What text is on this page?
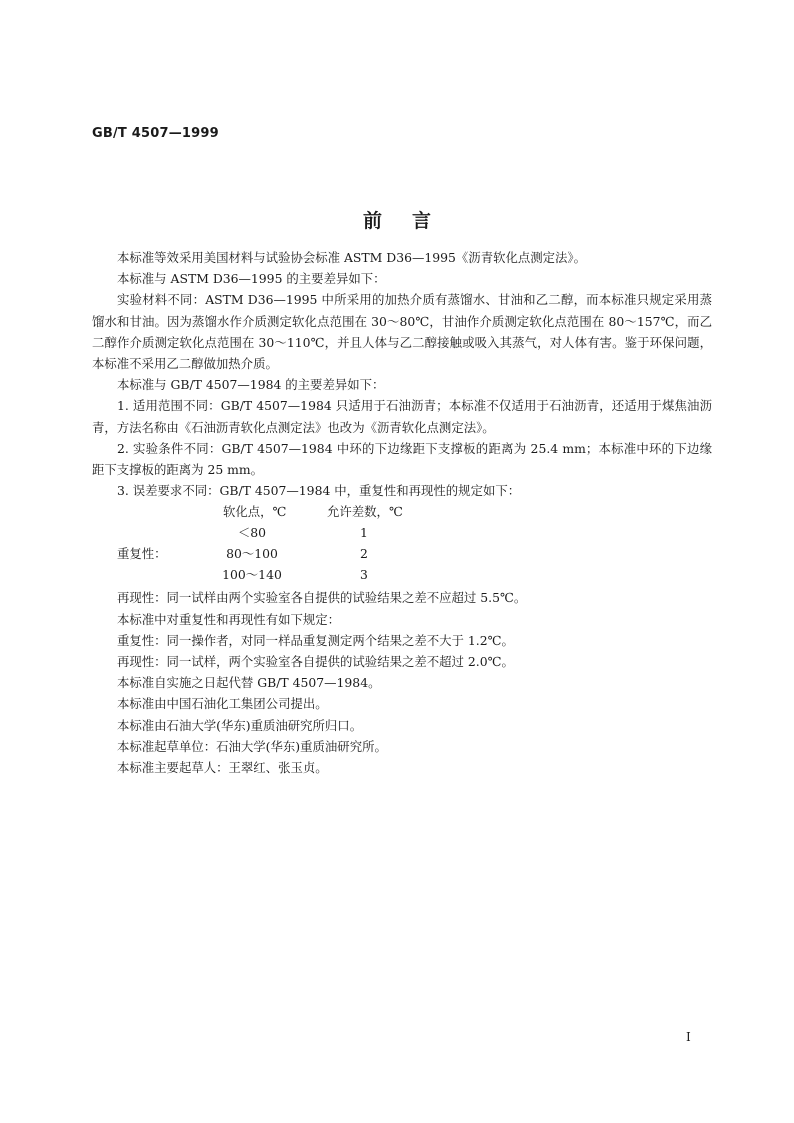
GB/T 4507—1999
前言

本标准等效采用美国材料与试验协会标准 ASTM D36—1995《沥青软化点测定法》。

本标准与 ASTM D36—1995 的主要差异如下：

实验材料不同：ASTM D36—1995 中所采用的加热介质有蒸馏水、甘油和乙二醇，而本标准只规定采用蒸馏水和甘油。因为蒸馏水作介质测定软化点范围在 30～80℃，甘油作介质测定软化点范围在 80～157℃，而乙二醇作介质测定软化点范围在 30～110℃，并且人体与乙二醇接触或吸入其蒸气，对人体有害。鉴于环保问题，本标准不采用乙二醇做加热介质。

本标准与 GB/T 4507—1984 的主要差异如下：

1. 适用范围不同：GB/T 4507—1984 只适用于石油沥青；本标准不仅适用于石油沥青，还适用于煤焦油沥青，方法名称由《石油沥青软化点测定法》也改为《沥青软化点测定法》。

2. 实验条件不同：GB/T 4507—1984 中环的下边缘距下支撑板的距离为 25.4 mm；本标准中环的下边缘距下支撑板的距离为 25 mm。

3. 误差要求不同：GB/T 4507—1984 中，重复性和再现性的规定如下：

软化点，℃	允许差数，℃
重复性：
＜80	1
80～100	2
100～140	3

再现性：同一试样由两个实验室各自提供的试验结果之差不应超过 5.5℃。

本标准中对重复性和再现性有如下规定：

重复性：同一操作者，对同一样品重复测定两个结果之差不大于 1.2℃。

再现性：同一试样，两个实验室各自提供的试验结果之差不超过 2.0℃。

本标准自实施之日起代替 GB/T 4507—1984。

本标准由中国石油化工集团公司提出。

本标准由石油大学(华东)重质油研究所归口。

本标准起草单位：石油大学(华东)重质油研究所。

本标准主要起草人：王翠红、张玉贞。

I
